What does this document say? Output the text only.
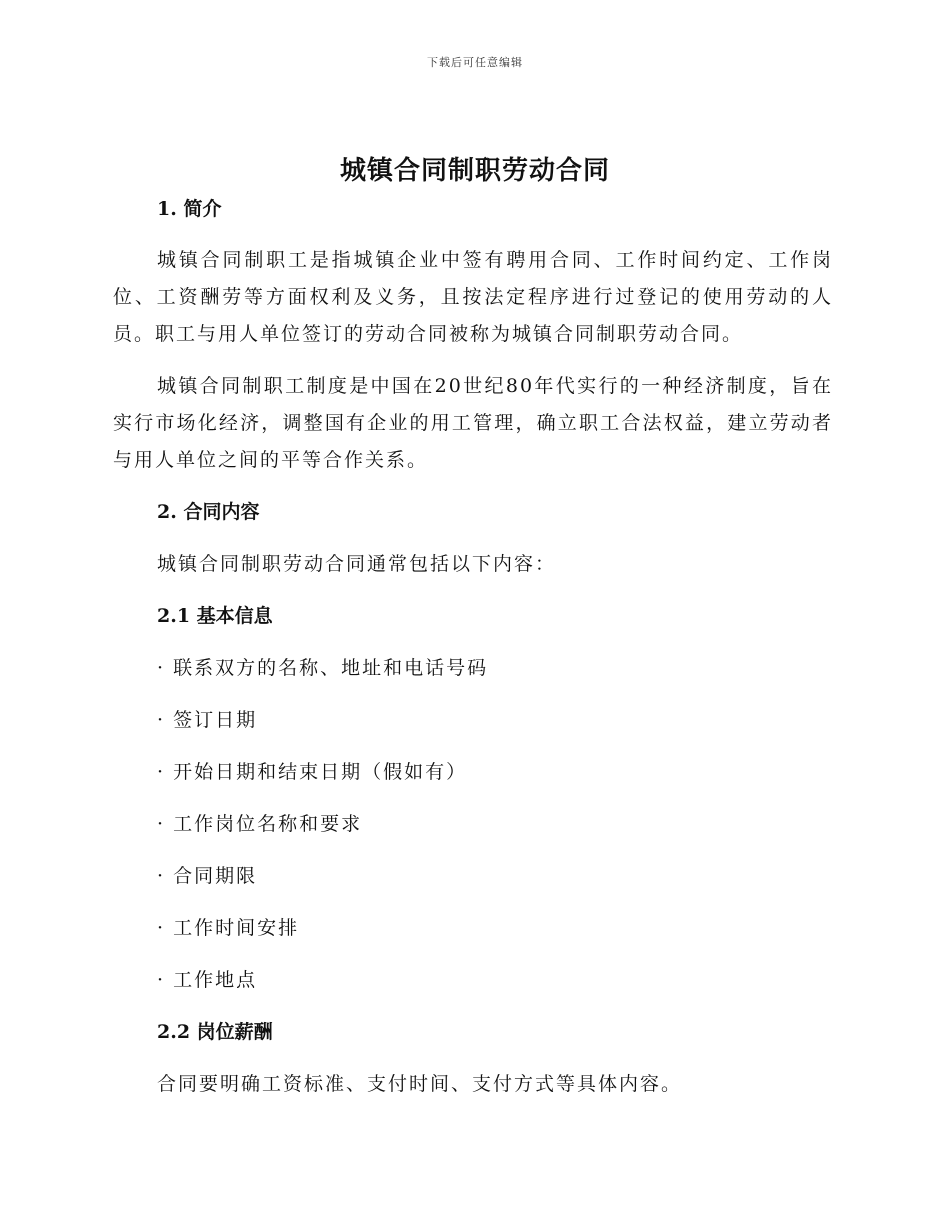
下载后可任意编辑
城镇合同制职劳动合同

1. 简介

城镇合同制职工是指城镇企业中签有聘用合同、工作时间约定、工作岗位、工资酬劳等方面权利及义务，且按法定程序进行过登记的使用劳动的人员。职工与用人单位签订的劳动合同被称为城镇合同制职劳动合同。

城镇合同制职工制度是中国在20世纪80年代实行的一种经济制度，旨在实行市场化经济，调整国有企业的用工管理，确立职工合法权益，建立劳动者与用人单位之间的平等合作关系。

2. 合同内容

城镇合同制职劳动合同通常包括以下内容：

2.1 基本信息

· 联系双方的名称、地址和电话号码

· 签订日期

· 开始日期和结束日期（假如有）

· 工作岗位名称和要求

· 合同期限

· 工作时间安排

· 工作地点

2.2 岗位薪酬

合同要明确工资标准、支付时间、支付方式等具体内容。
